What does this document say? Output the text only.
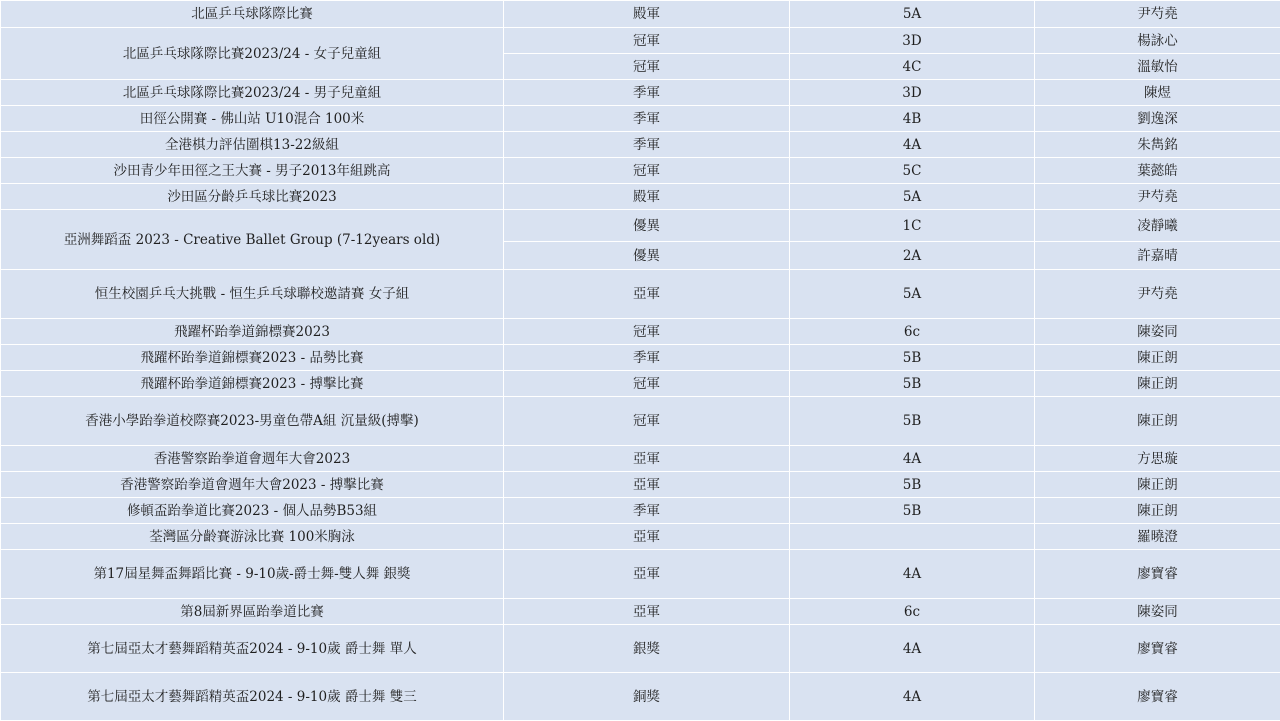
北區乒乓球隊際比賽	殿軍	5A	尹芍堯
北區乒乓球隊際比賽2023/24 - 女子兒童組	冠軍	3D	楊詠心
	冠軍	4C	溫敏怡
北區乒乓球隊際比賽2023/24 - 男子兒童組	季軍	3D	陳煜
田徑公開賽 - 佛山站 U10混合 100米	季軍	4B	劉逸深
全港棋力評估圍棋13-22級組	季軍	4A	朱雋銘
沙田青少年田徑之王大賽 - 男子2013年組跳高	冠軍	5C	葉懿皓
沙田區分齡乒乓球比賽2023	殿軍	5A	尹芍堯
亞洲舞蹈盃 2023 - Creative Ballet Group (7-12years old)	優異	1C	凌靜曦
	優異	2A	許嘉晴
恒生校園乒乓大挑戰 - 恒生乒乓球聯校邀請賽 女子組	亞軍	5A	尹芍堯
飛躍杯跆拳道錦標賽2023	冠軍	6c	陳姿同
飛躍杯跆拳道錦標賽2023 - 品勢比賽	季軍	5B	陳正朗
飛躍杯跆拳道錦標賽2023 - 搏擊比賽	冠軍	5B	陳正朗
香港小學跆拳道校際賽2023-男童色帶A組 沉量級(搏擊)	冠軍	5B	陳正朗
香港警察跆拳道會週年大會2023	亞軍	4A	方思璇
香港警察跆拳道會週年大會2023 - 搏擊比賽	亞軍	5B	陳正朗
修頓盃跆拳道比賽2023 - 個人品勢B53組	季軍	5B	陳正朗
荃灣區分齡賽游泳比賽 100米胸泳	亞軍		羅曉澄
第17屆星舞盃舞蹈比賽 - 9-10歲-爵士舞-雙人舞 銀獎	亞軍	4A	廖寶睿
第8屆新界區跆拳道比賽	亞軍	6c	陳姿同
第七屆亞太才藝舞蹈精英盃2024 - 9-10歲 爵士舞 單人	銀獎	4A	廖寶睿
第七屆亞太才藝舞蹈精英盃2024 - 9-10歲 爵士舞 雙三	銅獎	4A	廖寶睿
